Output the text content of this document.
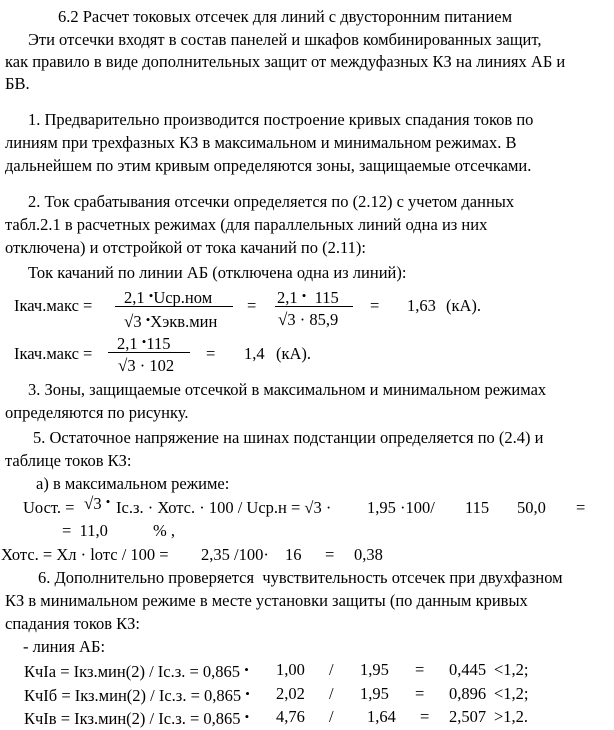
6.2 Расчет токовых отсечек для линий с двусторонним питанием
Эти отсечки входят в состав панелей и шкафов комбинированных защит,
как правило в виде дополнительных защит от междуфазных КЗ на линиях АБ и
БВ.
1. Предварительно производится построение кривых спадания токов по
линиям при трехфазных КЗ в максимальном и минимальном режимах. В
дальнейшем по этим кривым определяются зоны, защищаемые отсечками.
2. Ток срабатывания отсечки определяется по (2.12) с учетом данных
табл.2.1 в расчетных режимах (для параллельных линий одна из них
отключена) и отстройкой от тока качаний по (2.11):
Ток качаний по линии АБ (отключена одна из линий):
Iкач.макс = 2,1 •Uср.ном
√3 •Хэкв.мин
= 2,1 • 115
√3 · 85,9
= 1,63 (кА).
Iкач.макс =
2,1 •115
√3 · 102
= 1,4 (кА).
3. Зоны, защищаемые отсечкой в максимальном и минимальном режимах
определяются по рисунку.
5. Остаточное напряжение на шинах подстанции определяется по (2.4) и
таблице токов КЗ:
а) в максимальном режиме:
Uост. = √3 • Iс.з. · Хотс. · 100 / Uср.н = √3 · 1,95 ·100/ 115 50,0 =
=  11,0	% ,
Хотс. = Хл · lотс / 100 = 2,35 /100· 16 = 0,38
6. Дополнительно проверяется  чувствительность отсечек при двухфазном
КЗ в минимальном режиме в месте установки защиты (по данным кривых
спадания токов КЗ:
- линия АБ:
КчIа = Iкз.мин(2) / Iс.з. = 0,865 • 1,00 / 1,95 = 0,445 <1,2;
КчIб = Iкз.мин(2) / Iс.з. = 0,865 • 2,02 / 1,95 = 0,896 <1,2;
КчIв = Iкз.мин(2) / Iс.з. = 0,865 • 4,76 / 1,64 = 2,507 >1,2.
